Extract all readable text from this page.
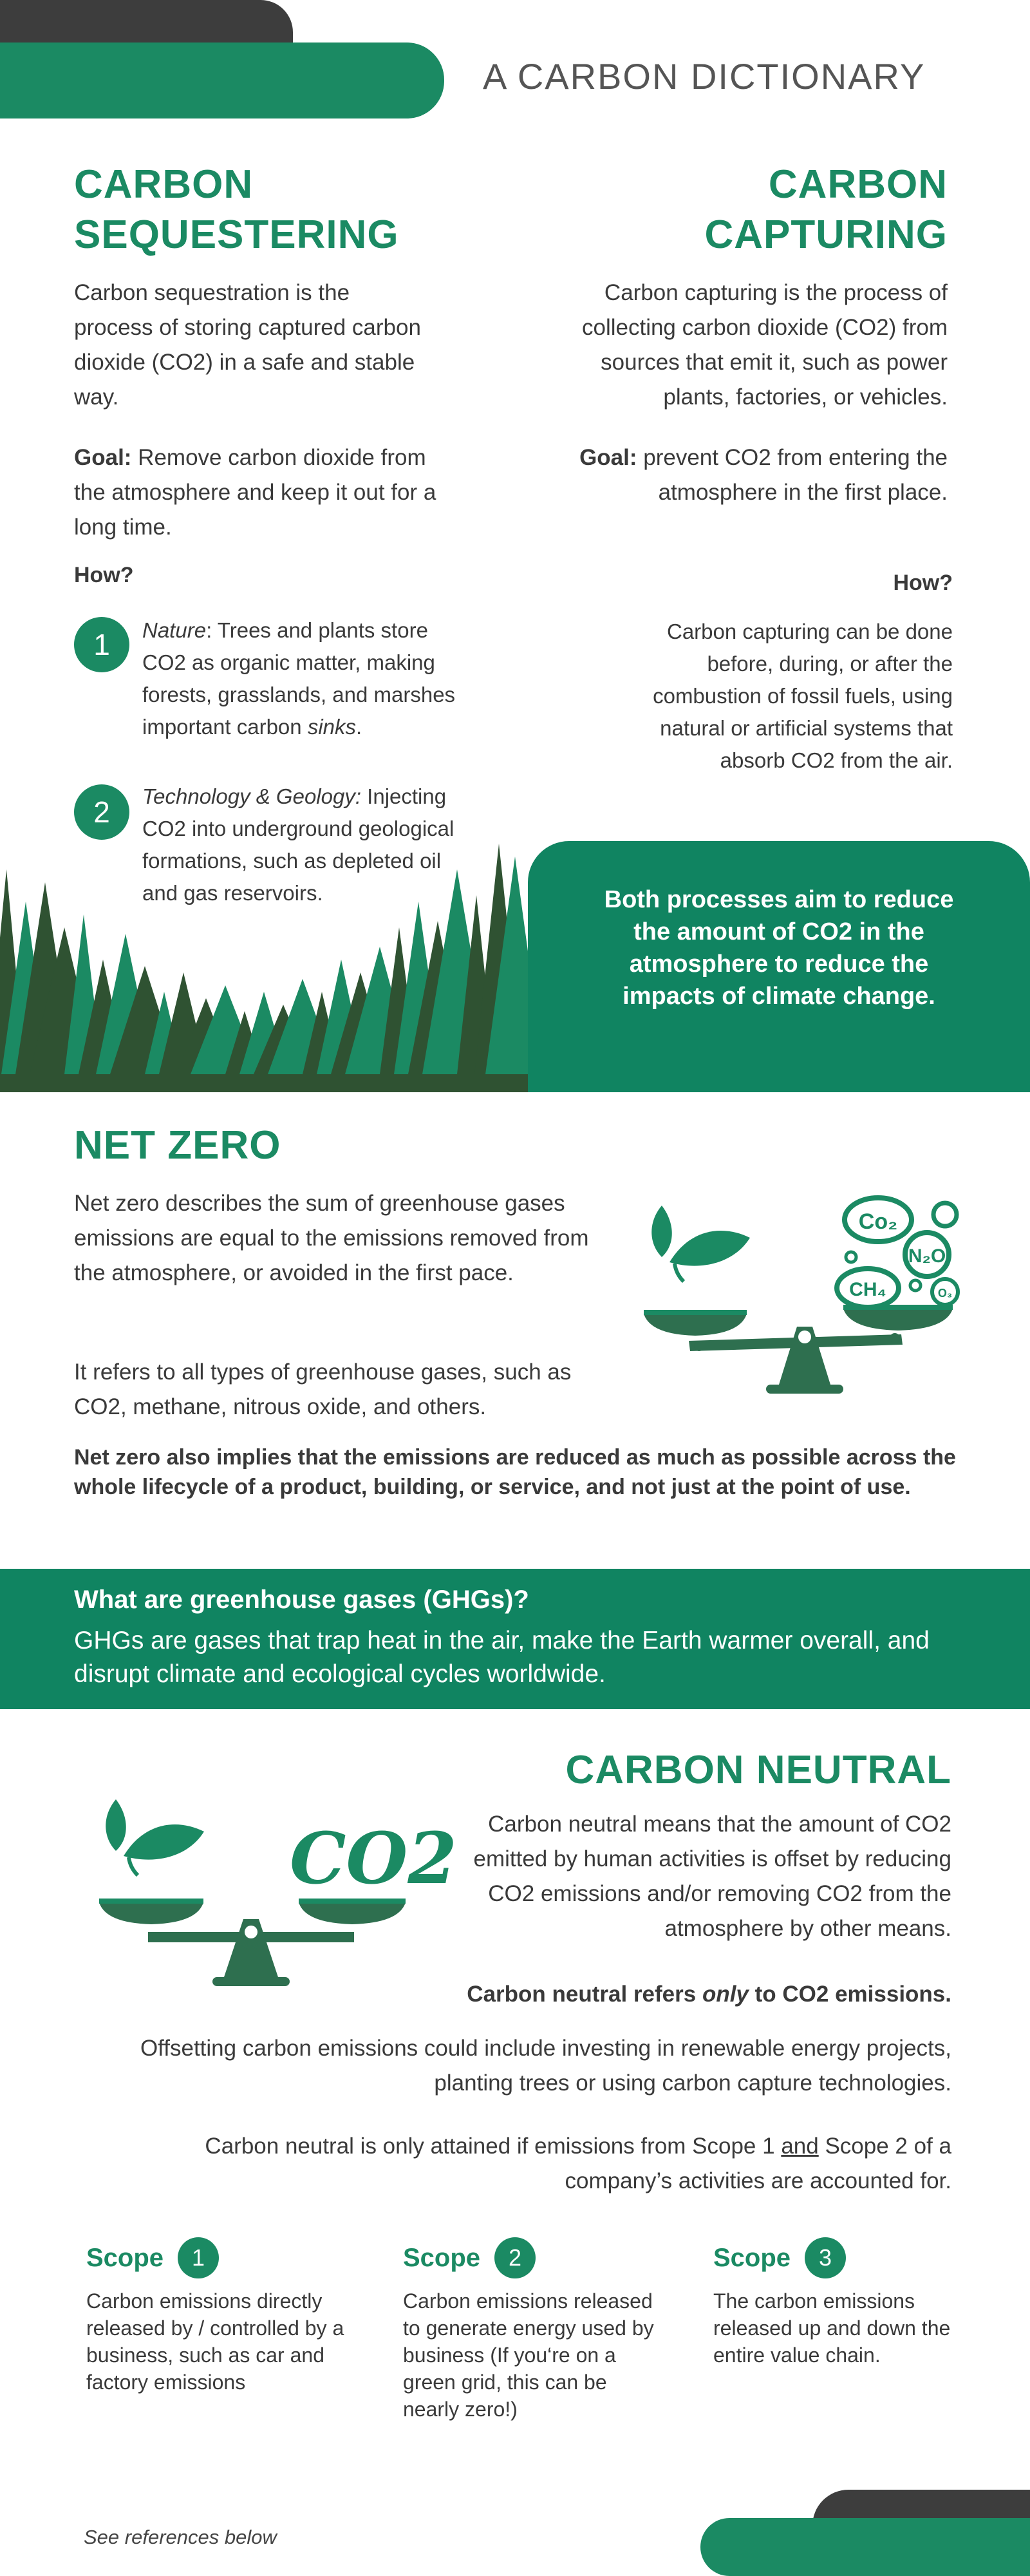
A CARBON DICTIONARY
CARBON
SEQUESTERING

Carbon sequestration is the process of storing captured carbon dioxide (CO2) in a safe and stable way.

Goal: Remove carbon dioxide from the atmosphere and keep it out for a long time.

How?
1	Nature: Trees and plants store CO2 as organic matter, making forests, grasslands, and marshes important carbon sinks.

2	Technology & Geology: Injecting CO2 into underground geological formations, such as depleted oil and gas reservoirs.

CARBON
CAPTURING

Carbon capturing is the process of collecting carbon dioxide (CO2) from sources that emit it, such as power plants, factories, or vehicles.

Goal: prevent CO2 from entering the atmosphere in the first place.

How?

Carbon capturing can be done before, during, or after the combustion of fossil fuels, using natural or artificial systems that absorb CO2 from the air.

Both processes aim to reduce the amount of CO2 in the atmosphere to reduce the impacts of climate change.

NET ZERO

Net zero describes the sum of greenhouse gases emissions are equal to the emissions removed from the atmosphere, or avoided in the first pace.

It refers to all types of greenhouse gases, such as CO2, methane, nitrous oxide, and others.

Net zero also implies that the emissions are reduced as much as possible across the whole lifecycle of a product, building, or service, and not just at the point of use.

Co₂
N₂O
CH₄	O₃
What are greenhouse gases (GHGs)?

GHGs are gases that trap heat in the air, make the Earth warmer overall, and disrupt climate and ecological cycles worldwide.

CARBON NEUTRAL
CO2	Carbon neutral means that the amount of CO2 emitted by human activities is offset by reducing CO2 emissions and/or removing CO2 from the atmosphere by other means.

Carbon neutral refers only to CO2 emissions.

Offsetting carbon emissions could include investing in renewable energy projects, planting trees or using carbon capture technologies.

Carbon neutral is only attained if emissions from Scope 1 and Scope 2 of a company’s activities are accounted for.

Scope	1

Carbon emissions directly released by / controlled by a business, such as car and factory emissions

Scope	2

Carbon emissions released to generate energy used by business (If you‘re on a green grid, this can be nearly zero!)

Scope	3

The carbon emissions released up and down the entire value chain.

See references below
